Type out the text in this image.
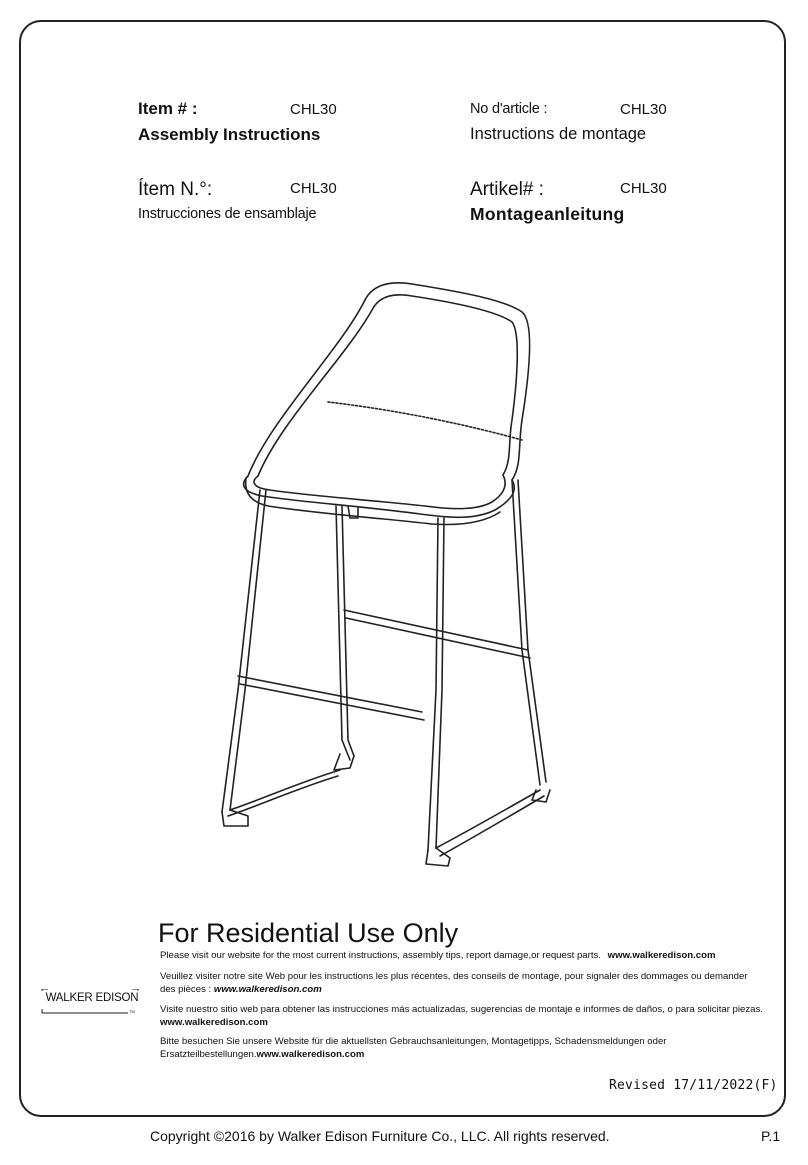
Item # :	CHL30
Assembly Instructions
No d'article :	CHL30
Instructions de montage
Ítem N.°:	CHL30
Instrucciones de ensamblaje
Artikel# :	CHL30
Montageanleitung
For Residential Use Only
Please visit our website for the most current instructions, assembly tips, report damage,or request parts. www.walkeredison.com
Veuillez visiter notre site Web pour les instructions les plus récentes, des conseils de montage, pour signaler des dommages ou demander des pièces : www.walkeredison.com
Visite nuestro sitio web para obtener las instrucciones más actualizadas, sugerencias de montaje e informes de daños, o para solicitar piezas. www.walkeredison.com
Bitte besuchen Sie unsere Website für die aktuellsten Gebrauchsanleitungen, Montagetipps, Schadensmeldungen oder Ersatzteilbestellungen.www.walkeredison.com
WALKER EDISON
TM
Revised 17/11/2022(F)
Copyright ©2016 by Walker Edison Furniture Co., LLC. All rights reserved.	P.1
